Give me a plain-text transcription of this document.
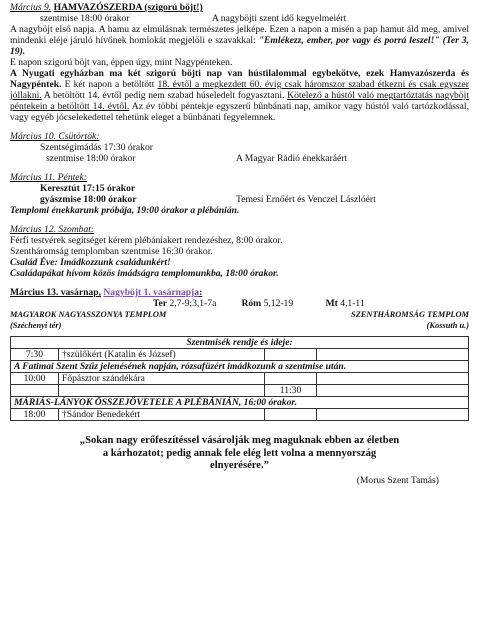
Március 9. HAMVAZÓSZERDA (szigorú böjt!)
szentmise 18:00 órakor	A nagyböjti szent idő kegyelmeiért
A nagyböjt első napja. A hamu az elmúlásnak természetes jelképe. Ezen a napon a misén a pap hamut áld meg, amivel mindenki eléje járuló hívőnek homlokát megjelöli e szavakkal: "Emlékezz, ember, por vagy és porrá leszel!" (Ter 3, 19).
E napon szigorú böjt van, éppen úgy, mint Nagypénteken.
A Nyugati egyházban ma két szigorú böjti nap van hústilalommal egybekötve, ezek Hamvazószerda és Nagypéntek. E két napon a betöltött 18. évtől a megkezdett 60. évig csak háromszor szabad étkezni és csak egyszer jóllakni. A betöltött 14. évtől pedig nem szabad húseledelt fogyasztani. Kötelező a hústól való megtartóztatás nagyböjt péntekein a betöltött 14. évtől. Az év többi péntekje egyszerű bűnbánati nap, amikor vagy hústól való tartózkodással, vagy egyéb jócselekedettel tehetünk eleget a bűnbánati fegyelemnek.
Március 10. Csütörtök:
Szentségimádás 17:30 órakor
szentmise 18:00 órakor	A Magyar Rádió énekkaráért
Március 11. Péntek:
Keresztút 17:15 órakor
gyászmise 18:00 órakor	Temesi Ernőért és Venczel Lászlóért
Templomi énekkarunk próbája, 19:00 órakor a plébánián.
Március 12. Szombat:
Férfi testvérek segítséget kérem plébániakert rendezéshez, 8:00 órakor.
Szentháromság templomban szentmise 16:30 órakor.
Család Éve: Imádkozzunk családunkért!
Családapákat hívom közös imádságra templomunkba, 18:00 órakor.
Március 13. vasárnap, Nagyböjt 1. vasárnapja:
Ter 2,7-9;3,1-7a	Róm 5,12-19	Mt 4,1-11
MAGYAROK NAGYASSZONYA TEMPLOM	SZENTHÁROMSÁG TEMPLOM
(Széchenyi tér)	(Kossuth u.)
Szentmisék rendje és ideje:			
7:30	†szülőkért (Katalin és József)		
A Fatimai Szent Szűz jelenésének napján, rózsafüzért imádkozunk a szentmise után.			
10:00	Főpásztor szándékára		
		11:30	
MÁRIÁS-LÁNYOK ÖSSZEJÖVETELE A PLÉBÁNIÁN, 16:00 órakor.			
18:00	†Sándor Benedekért		
„Sokan nagy erőfeszítéssel vásárolják meg maguknak ebben az életben
a kárhozatot; pedig annak fele elég lett volna a mennyország
elnyerésére.”
(Morus Szent Tamás)
